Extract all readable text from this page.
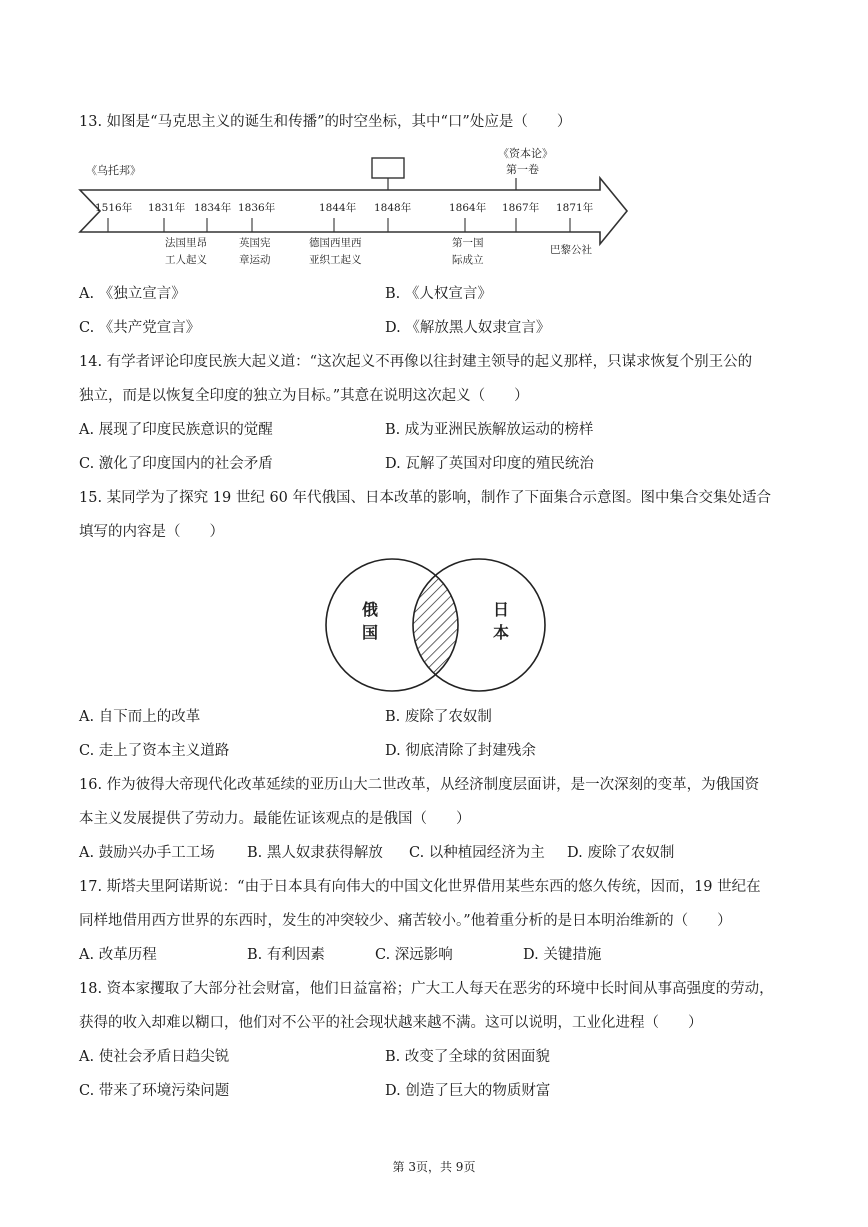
13. 如图是“马克思主义的诞生和传播”的时空坐标，其中“口”处应是（　　）
《乌托邦》
《资本论》
第一卷
1516年 1831年 1834年 1836年	1844年 1848年	1864年 1867年 1871年
法国里昂
工人起义
英国宪
章运动
德国西里西
亚织工起义
第一国
际成立
巴黎公社
A. 《独立宣言》	B. 《人权宣言》
C. 《共产党宣言》	D. 《解放黑人奴隶宣言》
14. 有学者评论印度民族大起义道：“这次起义不再像以往封建主领导的起义那样，只谋求恢复个别王公的
独立，而是以恢复全印度的独立为目标。”其意在说明这次起义（　　）
A. 展现了印度民族意识的觉醒	B. 成为亚洲民族解放运动的榜样
C. 激化了印度国内的社会矛盾	D. 瓦解了英国对印度的殖民统治
15. 某同学为了探究 19 世纪 60 年代俄国、日本改革的影响，制作了下面集合示意图。图中集合交集处适合
填写的内容是（　　）
俄
国
日
本
A. 自下而上的改革	B. 废除了农奴制
C. 走上了资本主义道路	D. 彻底清除了封建残余
16. 作为彼得大帝现代化改革延续的亚历山大二世改革，从经济制度层面讲，是一次深刻的变革，为俄国资
本主义发展提供了劳动力。最能佐证该观点的是俄国（　　）
A. 鼓励兴办手工工场 B. 黑人奴隶获得解放 C. 以种植园经济为主 D. 废除了农奴制
17. 斯塔夫里阿诺斯说：“由于日本具有向伟大的中国文化世界借用某些东西的悠久传统，因而，19 世纪在
同样地借用西方世界的东西时，发生的冲突较少、痛苦较小。”他着重分析的是日本明治维新的（　　）
A. 改革历程	B. 有利因素	C. 深远影响	D. 关键措施
18. 资本家攫取了大部分社会财富，他们日益富裕；广大工人每天在恶劣的环境中长时间从事高强度的劳动，
获得的收入却难以糊口，他们对不公平的社会现状越来越不满。这可以说明，工业化进程（　　）
A. 使社会矛盾日趋尖锐	B. 改变了全球的贫困面貌
C. 带来了环境污染问题	D. 创造了巨大的物质财富
第 3页，共 9页
